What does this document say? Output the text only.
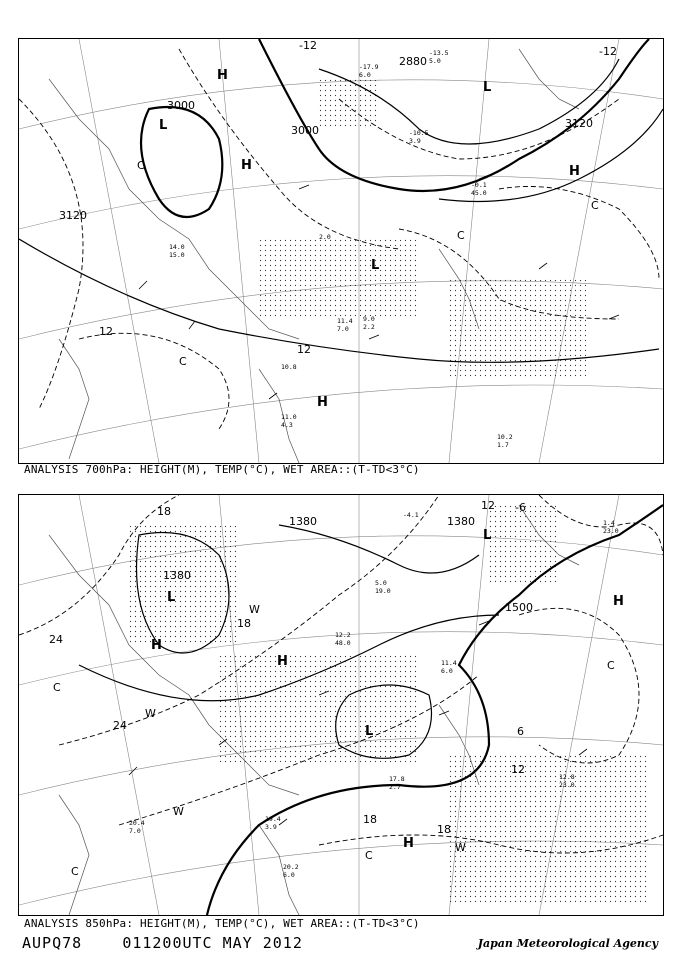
3000
3000
3120
3120
2880
12
12
-12
-12
H
H	H
H
L
L
L
C
C
C
C
-13.5
5.0
-17.9
6.0
-10.5
3.9
-0.1
45.0
14.0
15.0
2.0
10.2
1.7
11.0
4.3
10.8
9.0
2.2
11.4
7.0
ANALYSIS 700hPa: HEIGHT(M), TEMP(°C), WET AREA::(T-TD<3°C)
1380
1380	1380
1500
24
24
18
18
18
18
12
12
6
-6
H
H
H
H
L
L
L
C
C
C
C
W
W
W
W
12.8
23.0
17.8
2.7
20.4
7.0
19.4
3.9
20.2
6.0
12.2
48.0
5.0
19.0
1.4
23.0
-4.1
11.4
6.0
ANALYSIS 850hPa: HEIGHT(M), TEMP(°C), WET AREA::(T-TD<3°C)
AUPQ78	011200UTC MAY 2012	Japan Meteorological Agency
